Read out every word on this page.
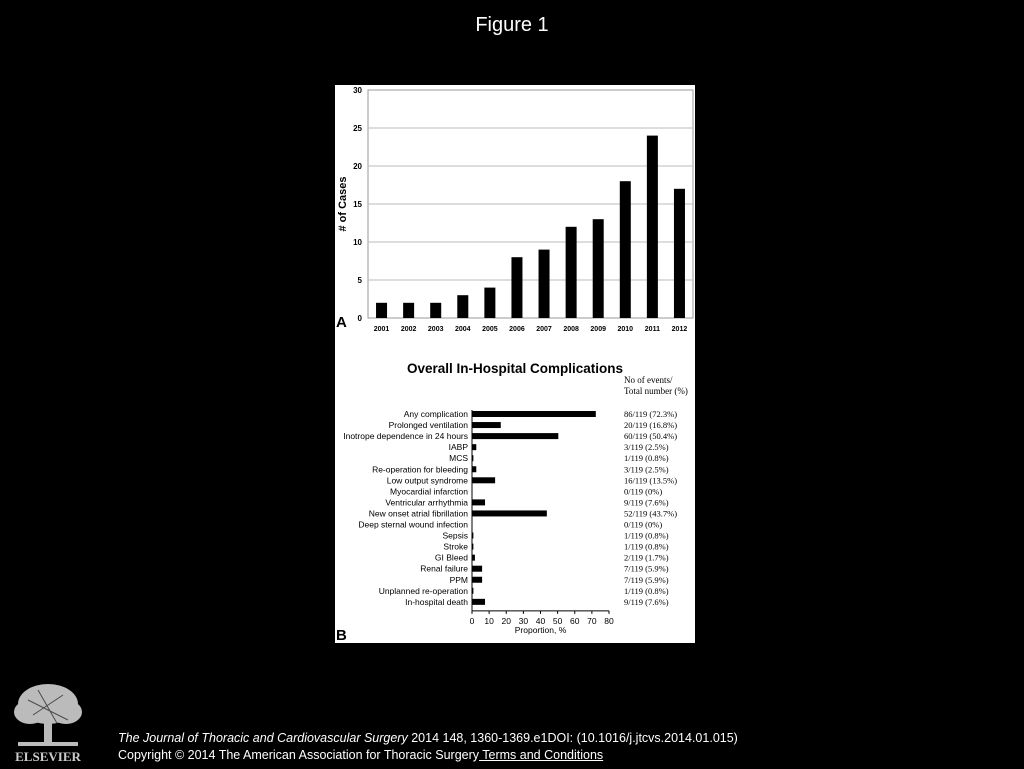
Figure 1
0
5
10
15
20
25
30
# of Cases
2001 2002 2003 2004 2005 2006 2007 2008 2009 2010 2011 2012
A
Overall In-Hospital Complications
No of events/
Total number (%)
Any complication	86/119 (72.3%)
Prolonged ventilation	20/119 (16.8%)
Inotrope dependence in 24 hours	60/119 (50.4%)
IABP	3/119 (2.5%)
MCS	1/119 (0.8%)
Re-operation for bleeding	3/119 (2.5%)
Low output syndrome	16/119 (13.5%)
Myocardial infarction	0/119 (0%)
Ventricular arrhythmia	9/119 (7.6%)
New onset atrial fibrillation	52/119 (43.7%)
Deep sternal wound infection	0/119 (0%)
Sepsis	1/119 (0.8%)
Stroke	1/119 (0.8%)
GI Bleed	2/119 (1.7%)
Renal failure	7/119 (5.9%)
PPM	7/119 (5.9%)
Unplanned re-operation	1/119 (0.8%)
In-hospital death	9/119 (7.6%)
0 10 20 30 40 50 60 70 80
Proportion, %
B
ELSEVIER
The Journal of Thoracic and Cardiovascular Surgery 2014 148, 1360-1369.e1DOI: (10.1016/j.jtcvs.2014.01.015)
Copyright © 2014 The American Association for Thoracic Surgery Terms and Conditions
